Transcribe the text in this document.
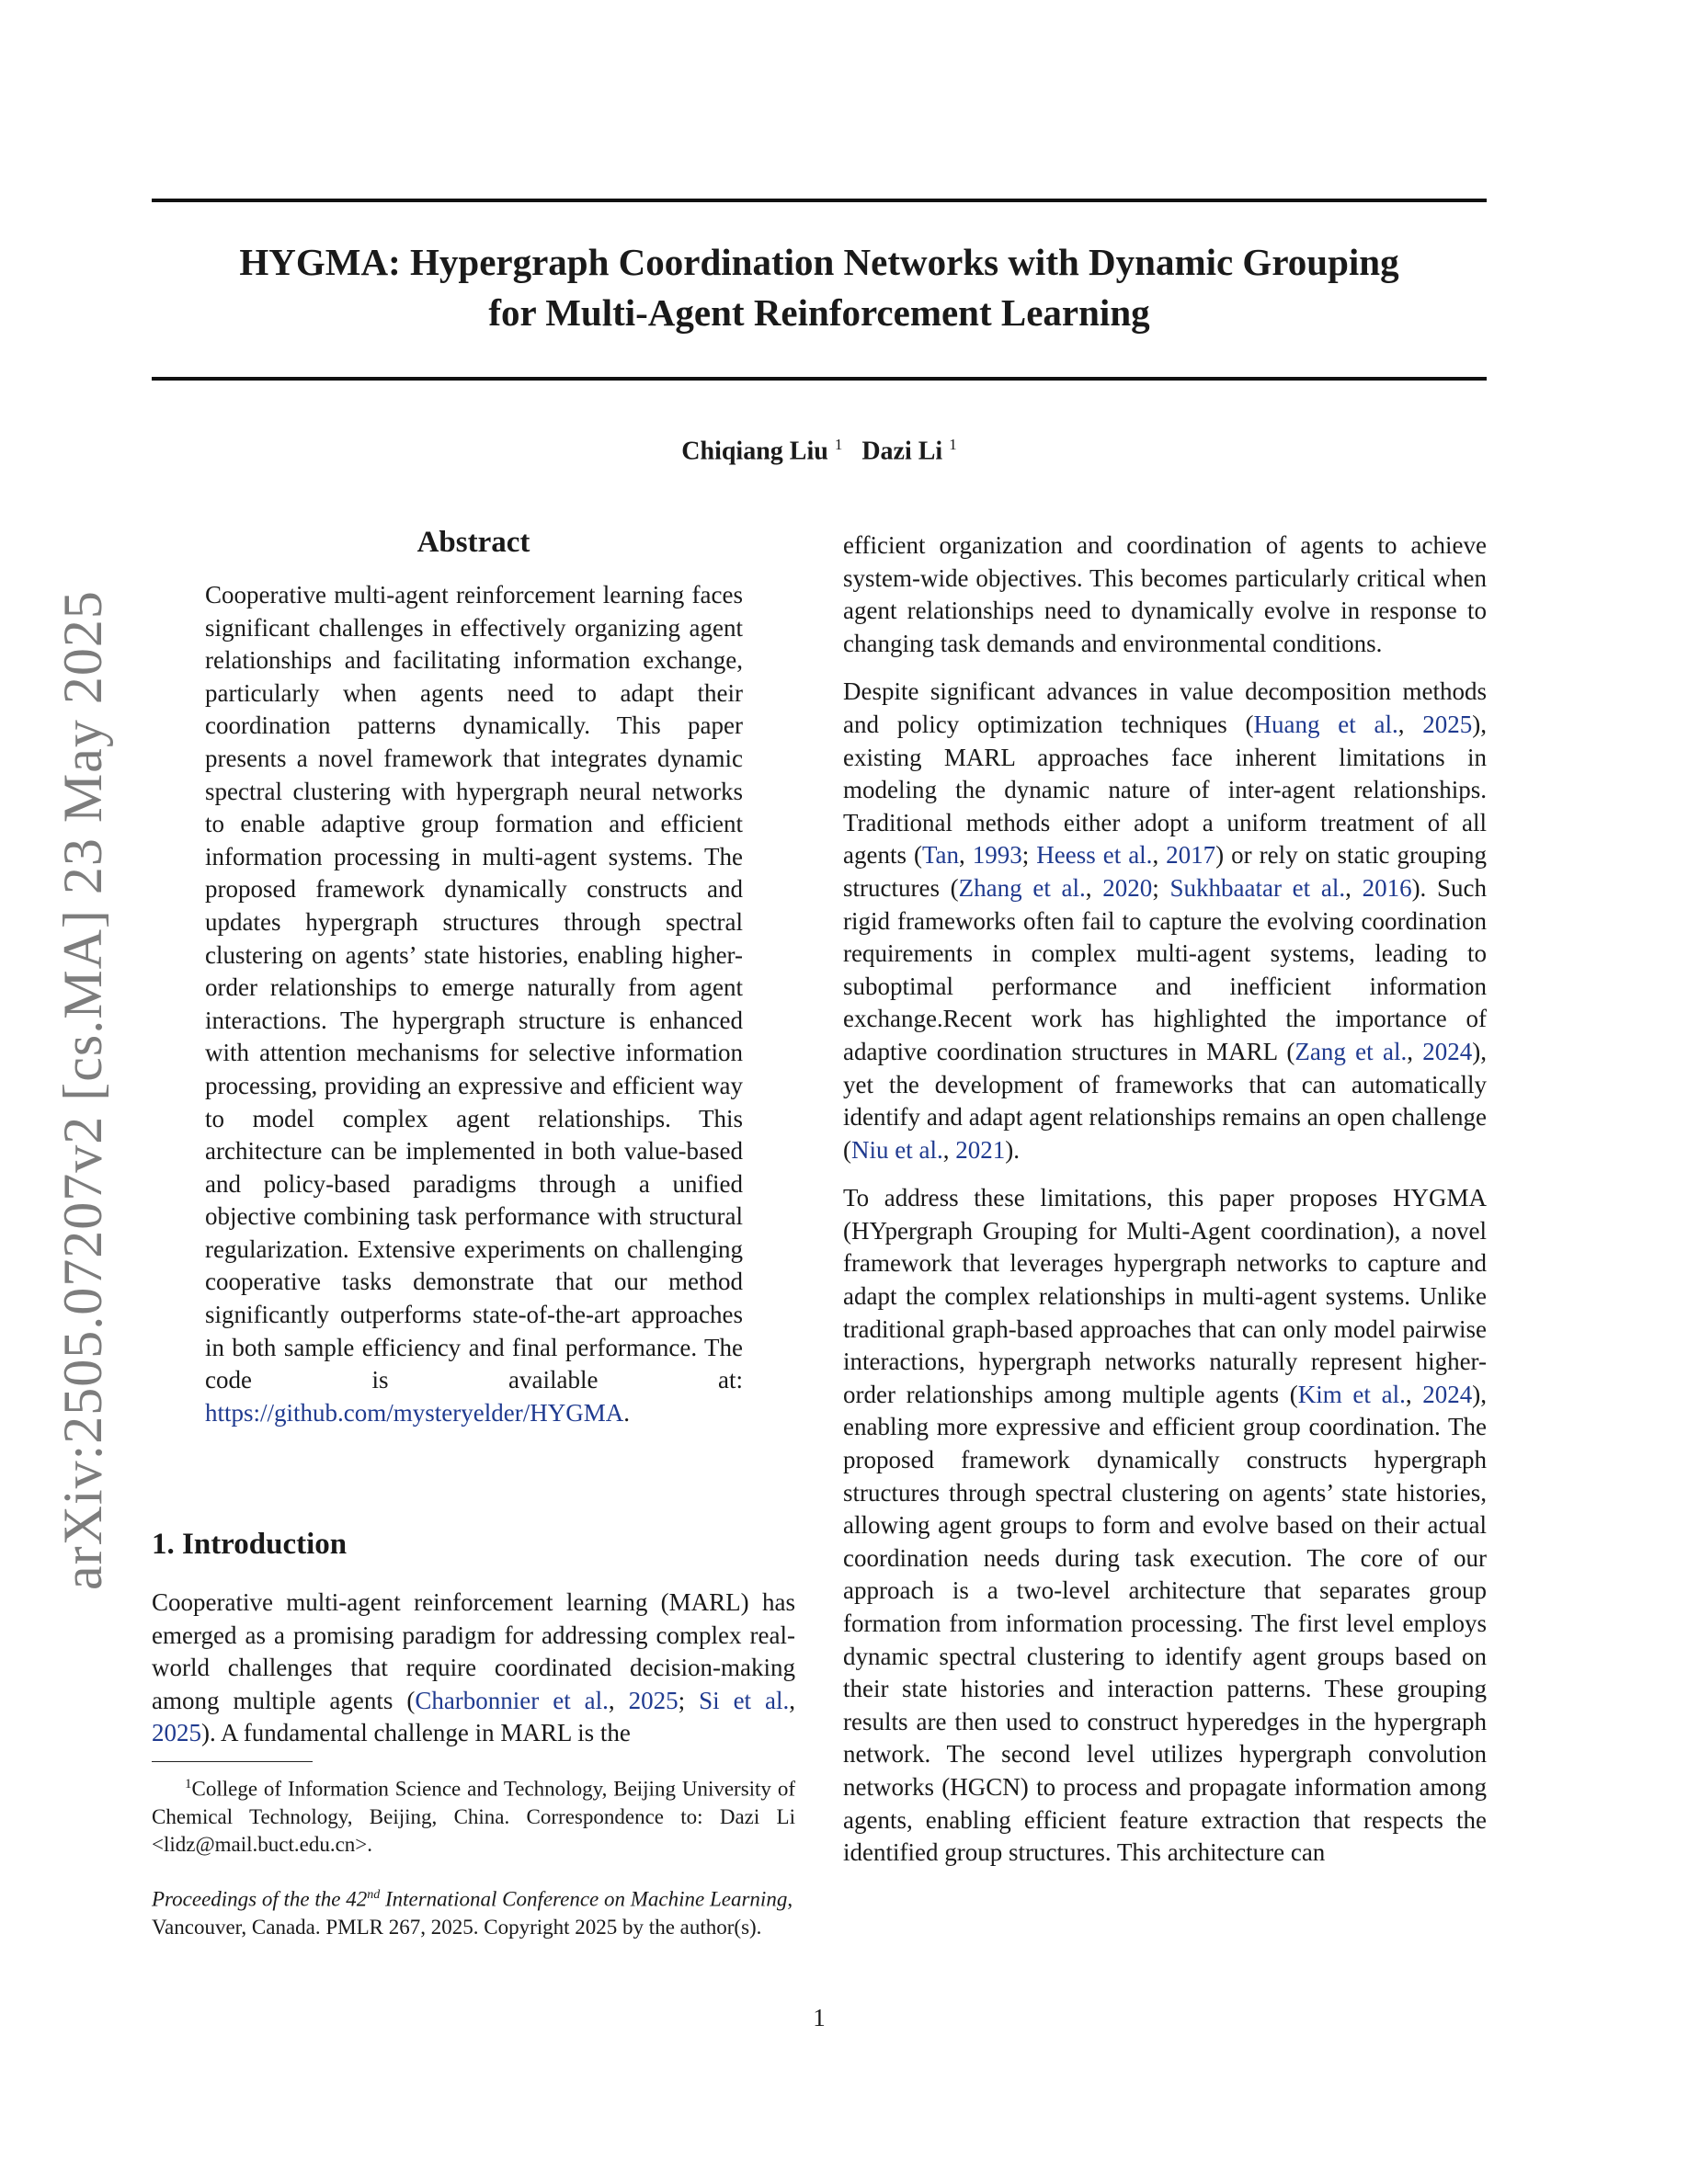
HYGMA: Hypergraph Coordination Networks with Dynamic Grouping
for Multi-Agent Reinforcement Learning
Chiqiang Liu $^1$ Dazi Li $^1$
arXiv:2505.07207v2 [cs.MA] 23 May 2025
Abstract
Cooperative multi-agent reinforcement learning faces significant challenges in effectively organizing agent relationships and facilitating information exchange, particularly when agents need to adapt their coordination patterns dynamically. This paper presents a novel framework that integrates dynamic spectral clustering with hypergraph neural networks to enable adaptive group formation and efficient information processing in multi-agent systems. The proposed framework dynamically constructs and updates hypergraph structures through spectral clustering on agents’ state histories, enabling higher-order relationships to emerge naturally from agent interactions. The hypergraph structure is enhanced with attention mechanisms for selective information processing, providing an expressive and efficient way to model complex agent relationships. This architecture can be implemented in both value-based and policy-based paradigms through a unified objective combining task performance with structural regularization. Extensive experiments on challenging cooperative tasks demonstrate that our method significantly outperforms state-of-the-art approaches in both sample efficiency and final performance. The code is available at: https://github.com/mysteryelder/HYGMA.
1. Introduction
Cooperative multi-agent reinforcement learning (MARL) has emerged as a promising paradigm for addressing complex real-world challenges that require coordinated decision-making among multiple agents (Charbonnier et al., 2025; Si et al., 2025). A fundamental challenge in MARL is the
$^1$College of Information Science and Technology, Beijing University of Chemical Technology, Beijing, China. Correspondence to: Dazi Li <lidz@mail.buct.edu.cn>.
Proceedings of the the 42nd International Conference on Machine Learning, Vancouver, Canada. PMLR 267, 2025. Copyright 2025 by the author(s).

efficient organization and coordination of agents to achieve system-wide objectives. This becomes particularly critical when agent relationships need to dynamically evolve in response to changing task demands and environmental conditions.

Despite significant advances in value decomposition methods and policy optimization techniques (Huang et al., 2025), existing MARL approaches face inherent limitations in modeling the dynamic nature of inter-agent relationships. Traditional methods either adopt a uniform treatment of all agents (Tan, 1993; Heess et al., 2017) or rely on static grouping structures (Zhang et al., 2020; Sukhbaatar et al., 2016). Such rigid frameworks often fail to capture the evolving coordination requirements in complex multi-agent systems, leading to suboptimal performance and inefficient information exchange.Recent work has highlighted the importance of adaptive coordination structures in MARL (Zang et al., 2024), yet the development of frameworks that can automatically identify and adapt agent relationships remains an open challenge (Niu et al., 2021).

To address these limitations, this paper proposes HYGMA (HYpergraph Grouping for Multi-Agent coordination), a novel framework that leverages hypergraph networks to capture and adapt the complex relationships in multi-agent systems. Unlike traditional graph-based approaches that can only model pairwise interactions, hypergraph networks naturally represent higher-order relationships among multiple agents (Kim et al., 2024), enabling more expressive and efficient group coordination. The proposed framework dynamically constructs hypergraph structures through spectral clustering on agents’ state histories, allowing agent groups to form and evolve based on their actual coordination needs during task execution. The core of our approach is a two-level architecture that separates group formation from information processing. The first level employs dynamic spectral clustering to identify agent groups based on their state histories and interaction patterns. These grouping results are then used to construct hyperedges in the hypergraph network. The second level utilizes hypergraph convolution networks (HGCN) to process and propagate information among agents, enabling efficient feature extraction that respects the identified group structures. This architecture can

1
